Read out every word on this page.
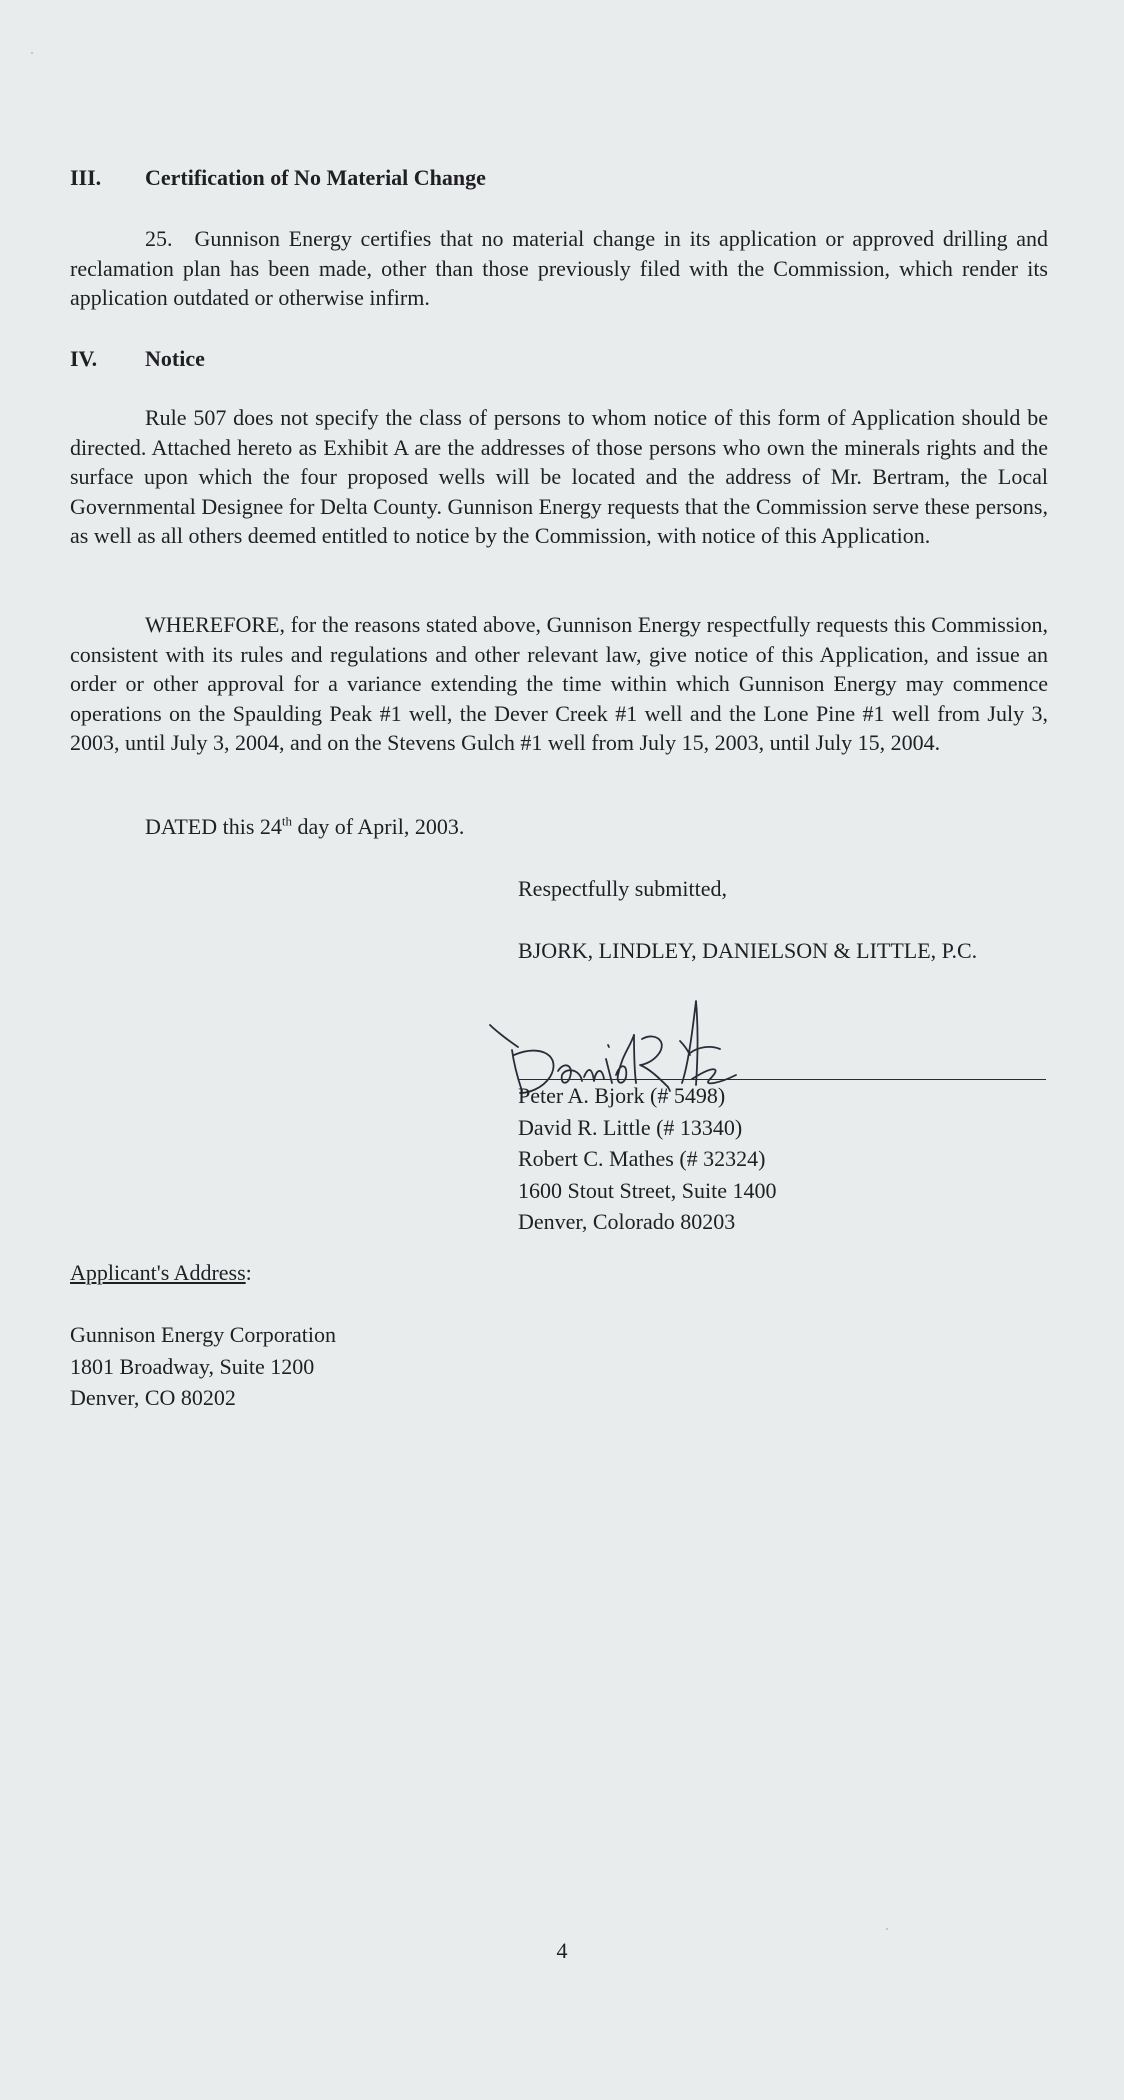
III. Certification of No Material Change

25. Gunnison Energy certifies that no material change in its application or approved drilling and reclamation plan has been made, other than those previously filed with the Commission, which render its application outdated or otherwise infirm.

IV. Notice

Rule 507 does not specify the class of persons to whom notice of this form of Application should be directed. Attached hereto as Exhibit A are the addresses of those persons who own the minerals rights and the surface upon which the four proposed wells will be located and the address of Mr. Bertram, the Local Governmental Designee for Delta County. Gunnison Energy requests that the Commission serve these persons, as well as all others deemed entitled to notice by the Commission, with notice of this Application.

WHEREFORE, for the reasons stated above, Gunnison Energy respectfully requests this Commission, consistent with its rules and regulations and other relevant law, give notice of this Application, and issue an order or other approval for a variance extending the time within which Gunnison Energy may commence operations on the Spaulding Peak #1 well, the Dever Creek #1 well and the Lone Pine #1 well from July 3, 2003, until July 3, 2004, and on the Stevens Gulch #1 well from July 15, 2003, until July 15, 2004.

DATED this 24th day of April, 2003.

Respectfully submitted,

BJORK, LINDLEY, DANIELSON & LITTLE, P.C.

Peter A. Bjork (# 5498)
David R. Little (# 13340)
Robert C. Mathes (# 32324)
1600 Stout Street, Suite 1400
Denver, Colorado 80203

Applicant's Address:

Gunnison Energy Corporation
1801 Broadway, Suite 1200
Denver, CO 80202

4
